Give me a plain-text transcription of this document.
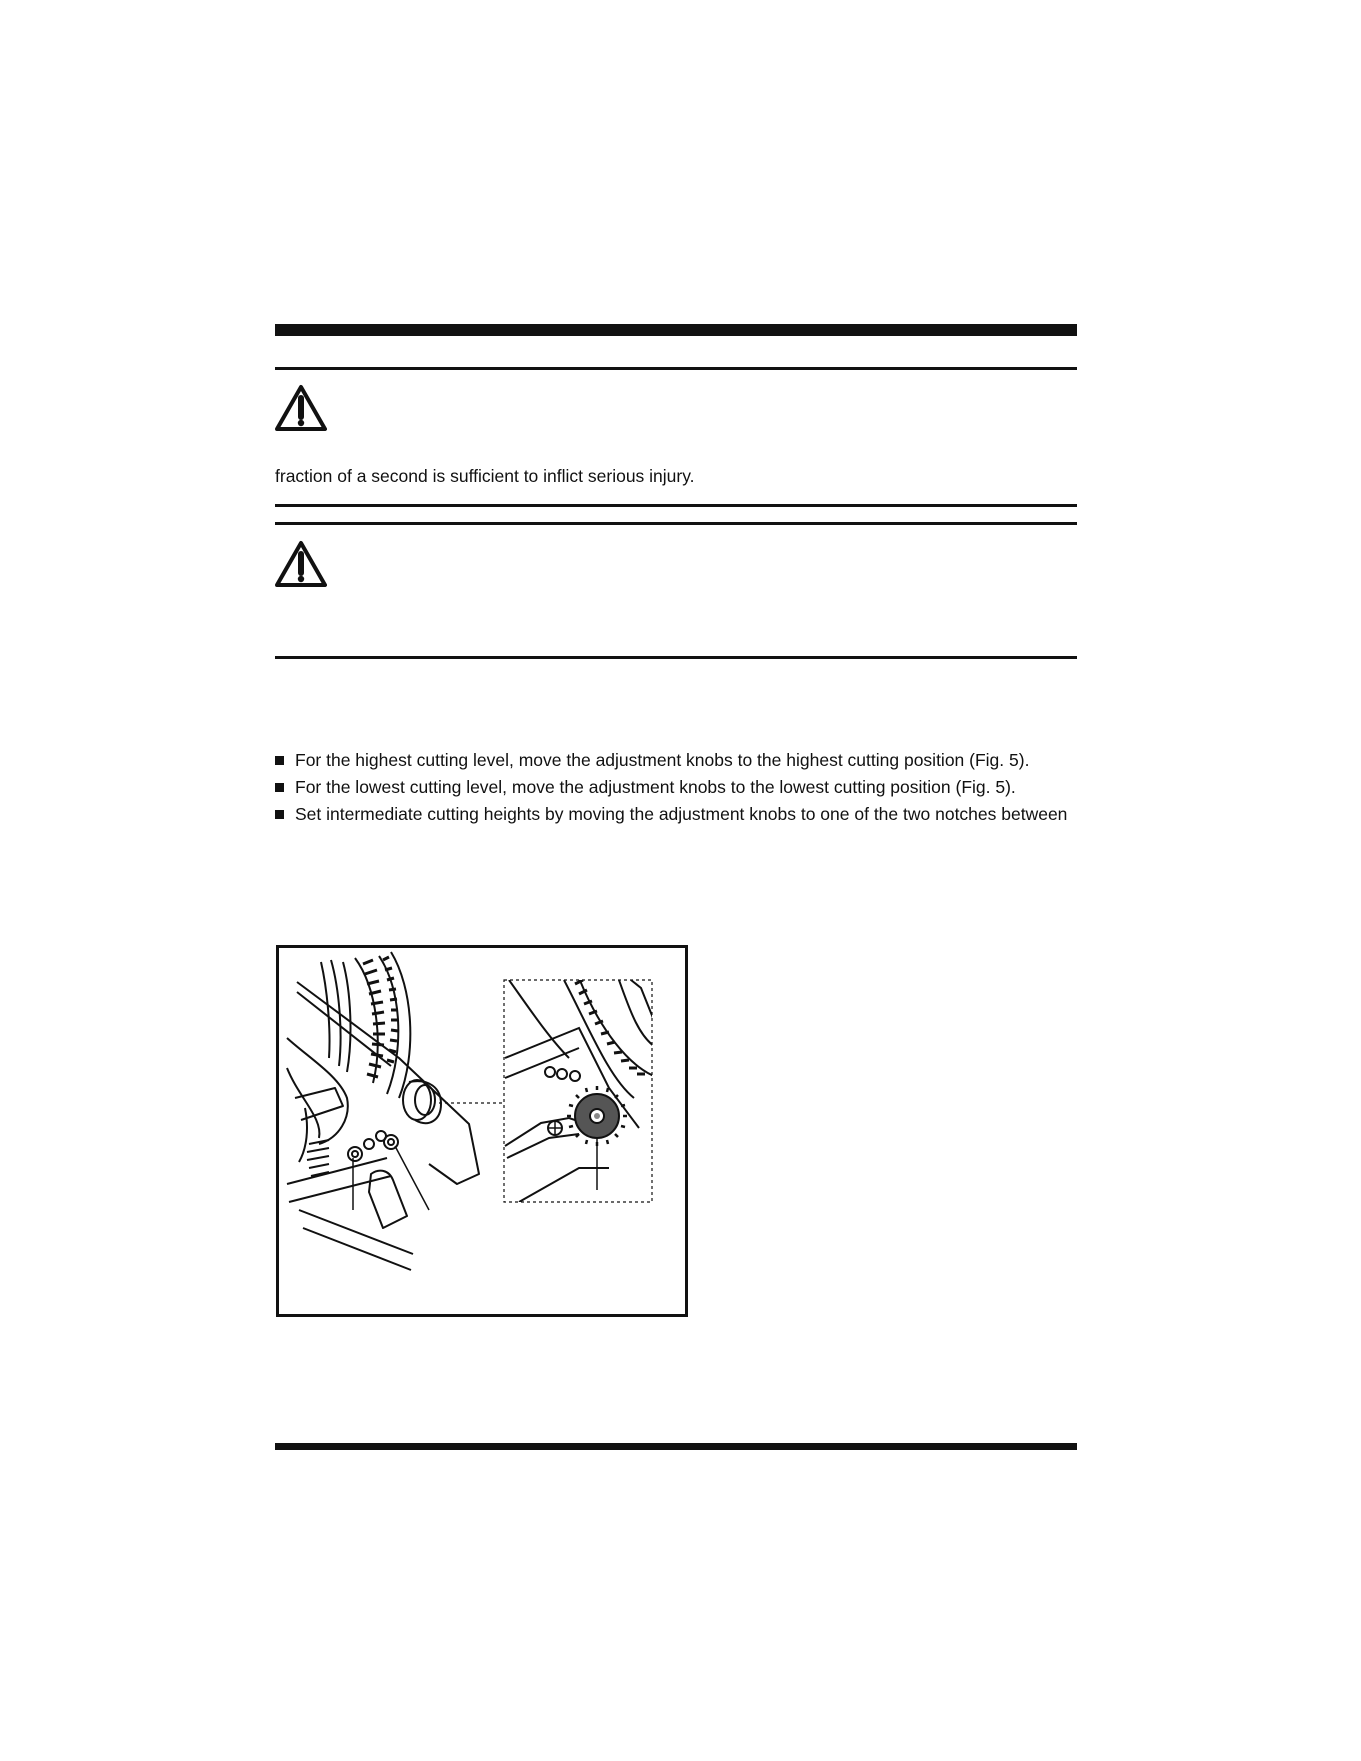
fraction of a second is sufficient to inflict serious injury.
For the highest cutting level, move the adjustment knobs to the highest cutting position (Fig. 5).
For the lowest cutting level, move the adjustment knobs to the lowest cutting position (Fig. 5).
Set intermediate cutting heights by moving the adjustment knobs to one of the two notches between
